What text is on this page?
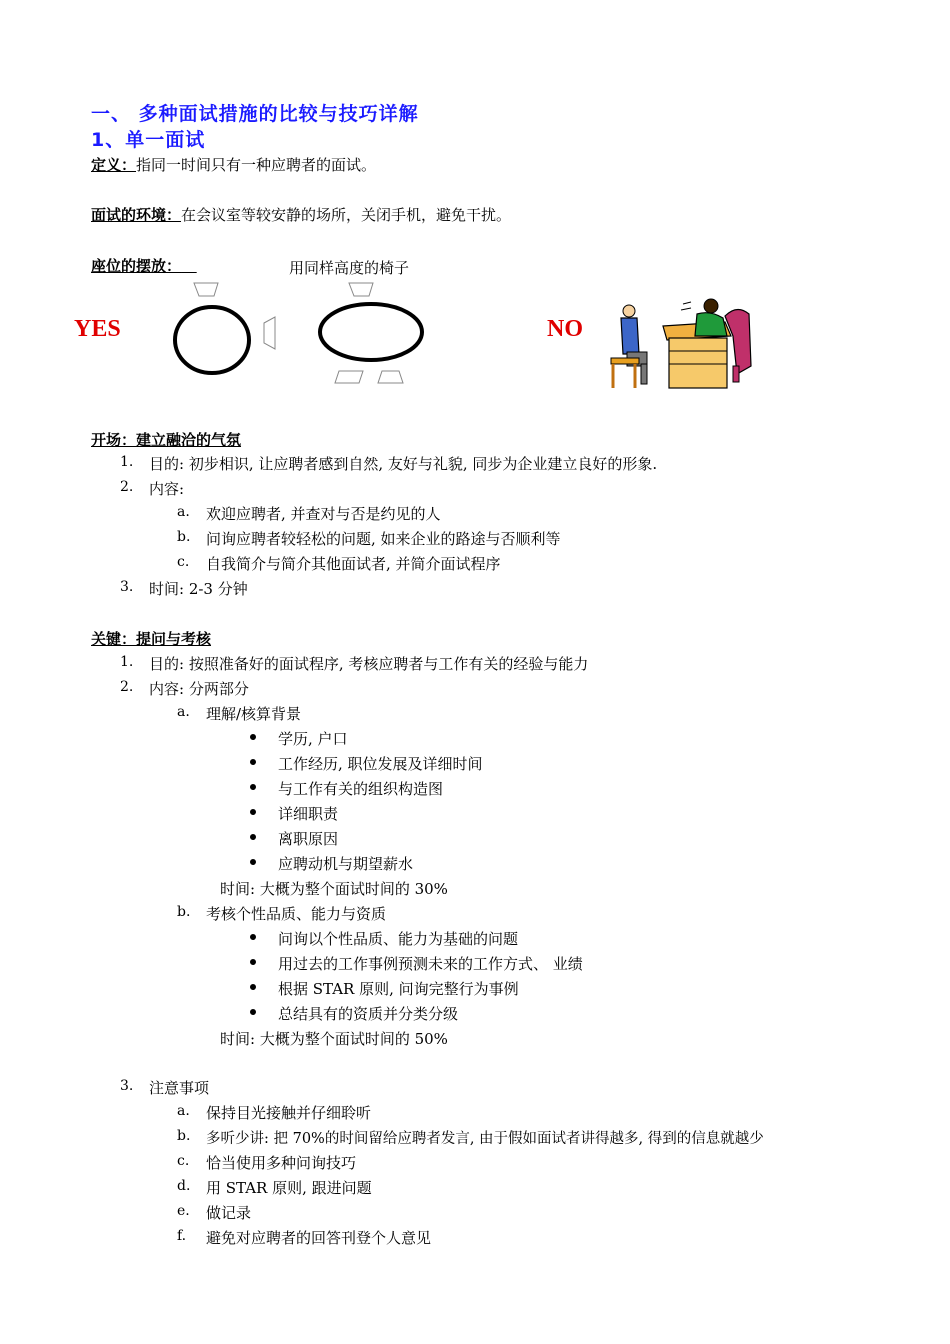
一、 多种面试措施的比较与技巧详解
1、单一面试
定义：指同一时间只有一种应聘者的面试。
面试的环境：在会议室等较安静的场所，关闭手机，避免干扰。
座位的摆放：	用同样高度的椅子
YES	NO
开场：建立融洽的气氛
1. 目的: 初步相识, 让应聘者感到自然, 友好与礼貌, 同步为企业建立良好的形象.
2. 内容:
a. 欢迎应聘者, 并查对与否是约见的人
b. 问询应聘者较轻松的问题, 如来企业的路途与否顺利等
c. 自我简介与简介其他面试者, 并简介面试程序
3. 时间: 2-3 分钟
关键：提问与考核
1. 目的: 按照准备好的面试程序, 考核应聘者与工作有关的经验与能力
2. 内容: 分两部分
a. 理解/核算背景
学历, 户口
工作经历, 职位发展及详细时间
与工作有关的组织构造图
详细职责
离职原因
应聘动机与期望薪水
时间: 大概为整个面试时间的 30%
b. 考核个性品质、能力与资质
问询以个性品质、能力为基础的问题
用过去的工作事例预测未来的工作方式、 业绩
根据 STAR 原则, 问询完整行为事例
总结具有的资质并分类分级
时间: 大概为整个面试时间的 50%
3. 注意事项
a. 保持目光接触并仔细聆听
b. 多听少讲: 把 70%的时间留给应聘者发言, 由于假如面试者讲得越多, 得到的信息就越少
c. 恰当使用多种问询技巧
d. 用 STAR 原则, 跟进问题
e. 做记录
f. 避免对应聘者的回答刊登个人意见
